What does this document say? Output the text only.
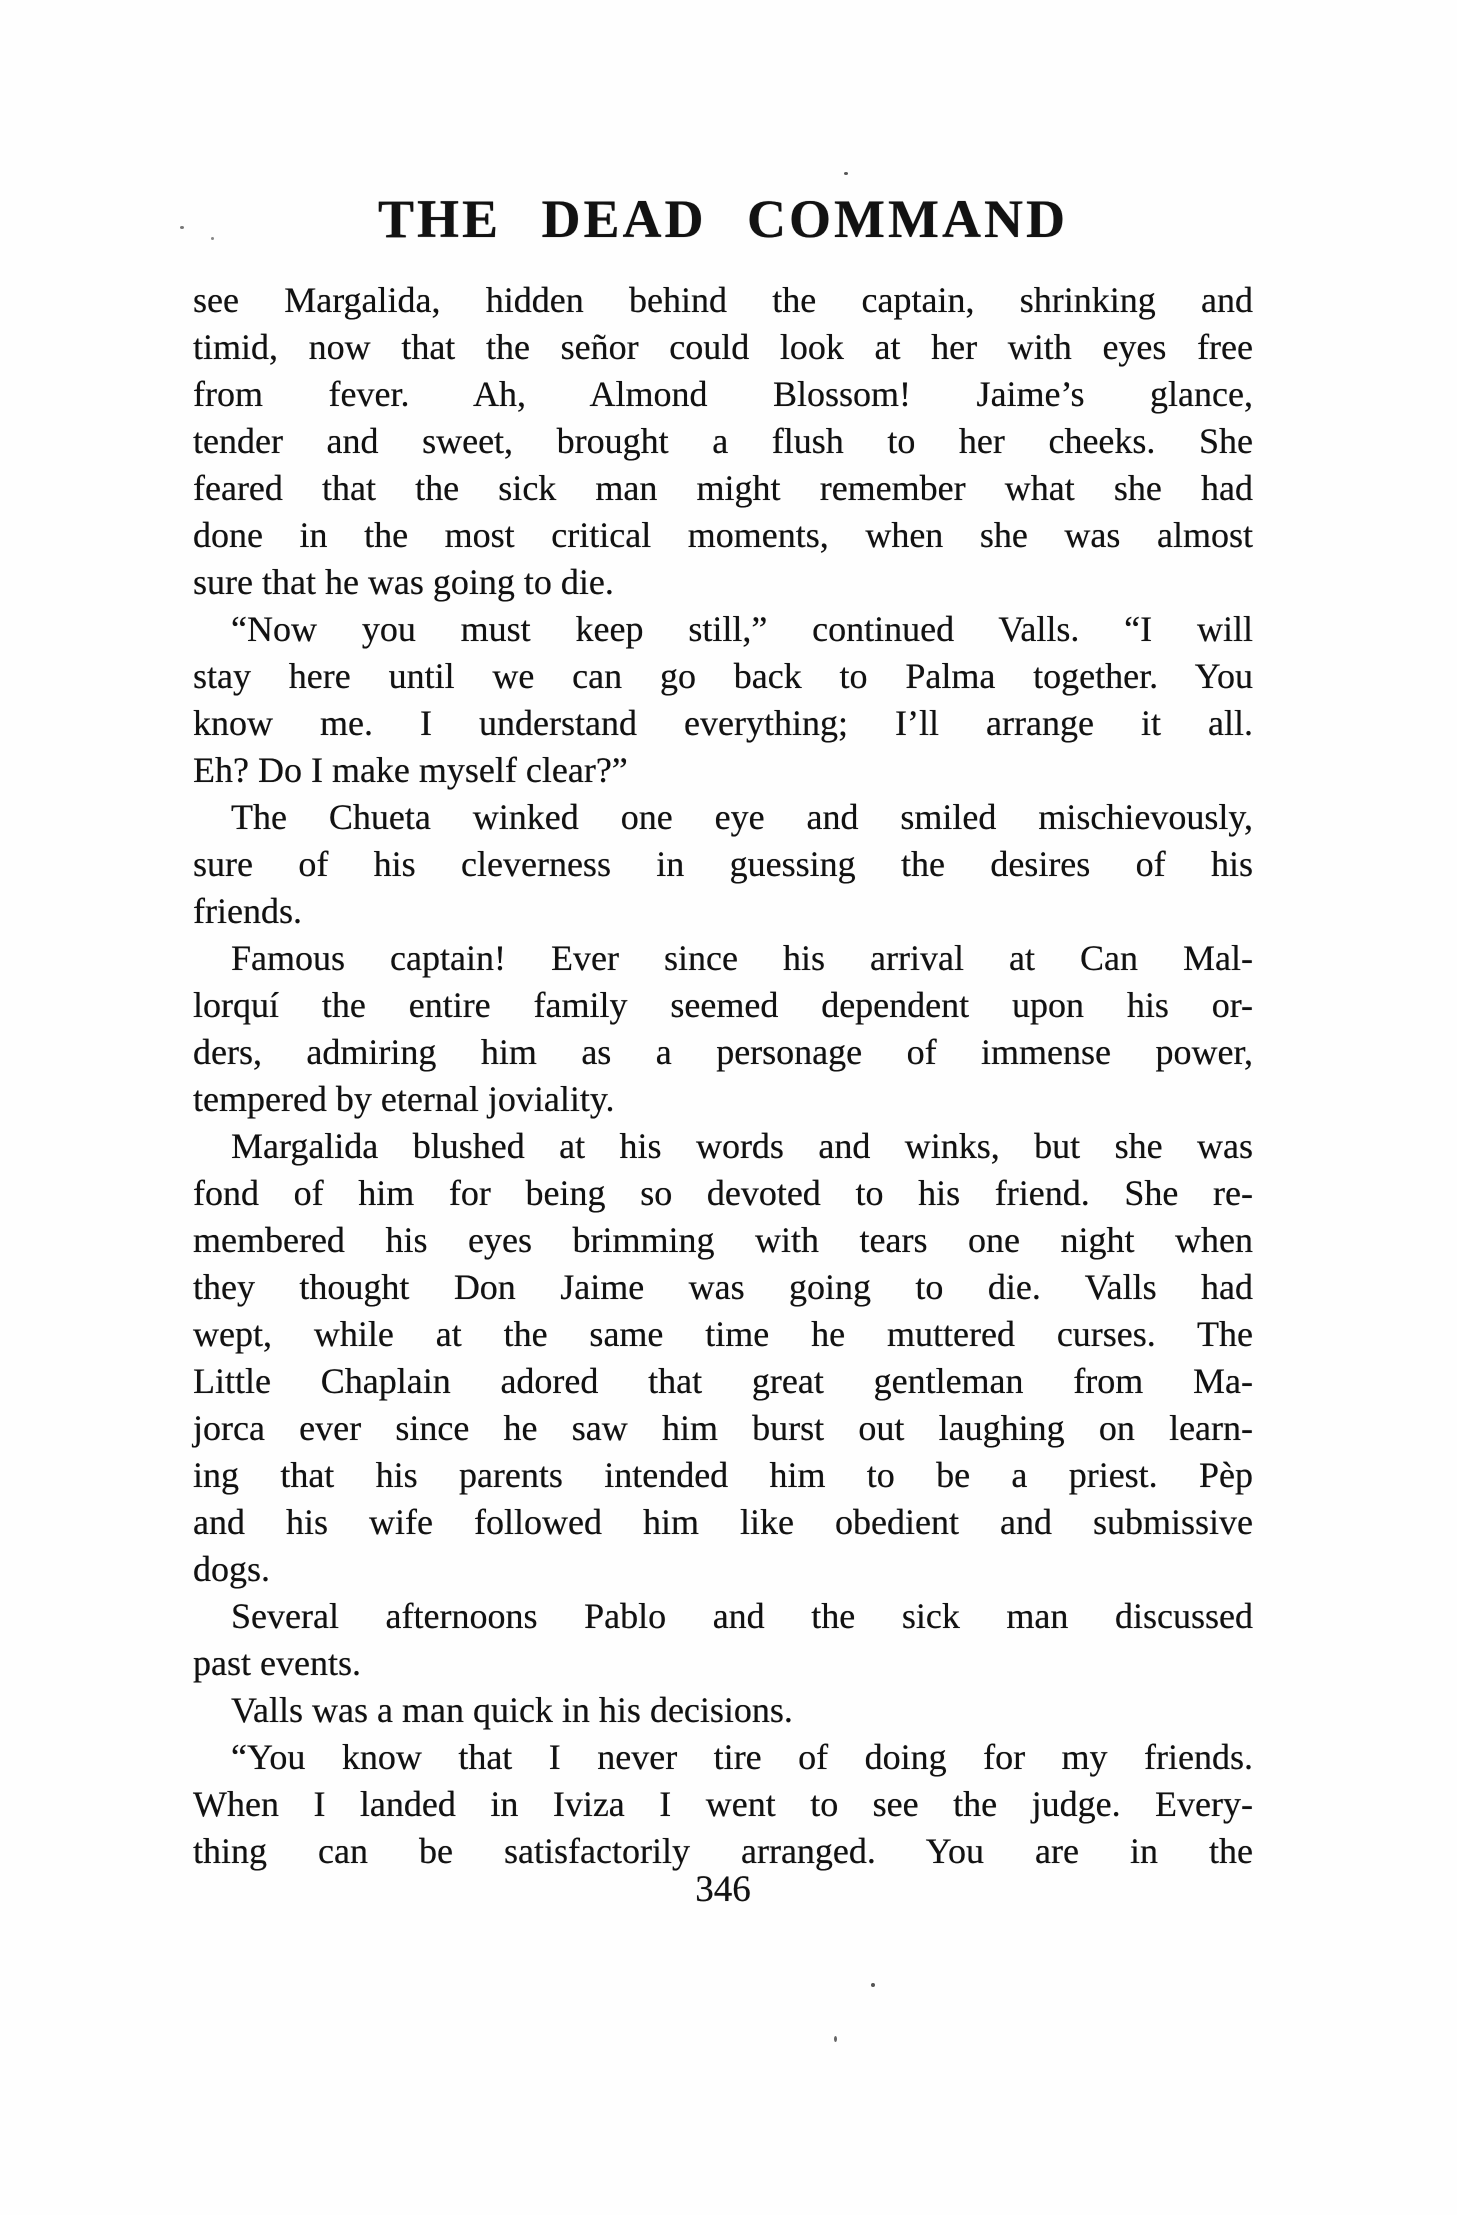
THE DEAD COMMAND
see Margalida, hidden behind the captain, shrinking and
timid, now that the señor could look at her with eyes free
from fever. Ah, Almond Blossom! Jaime’s glance,
tender and sweet, brought a flush to her cheeks. She
feared that the sick man might remember what she had
done in the most critical moments, when she was almost
sure that he was going to die.
“Now you must keep still,” continued Valls. “I will
stay here until we can go back to Palma together. You
know me. I understand everything; I’ll arrange it all.
Eh? Do I make myself clear?”
The Chueta winked one eye and smiled mischievously,
sure of his cleverness in guessing the desires of his
friends.
Famous captain! Ever since his arrival at Can Mal-
lorquí the entire family seemed dependent upon his or-
ders, admiring him as a personage of immense power,
tempered by eternal joviality.
Margalida blushed at his words and winks, but she was
fond of him for being so devoted to his friend. She re-
membered his eyes brimming with tears one night when
they thought Don Jaime was going to die. Valls had
wept, while at the same time he muttered curses. The
Little Chaplain adored that great gentleman from Ma-
jorca ever since he saw him burst out laughing on learn-
ing that his parents intended him to be a priest. Pèp
and his wife followed him like obedient and submissive
dogs.
Several afternoons Pablo and the sick man discussed
past events.
Valls was a man quick in his decisions.
“You know that I never tire of doing for my friends.
When I landed in Iviza I went to see the judge. Every-
thing can be satisfactorily arranged. You are in the
346
